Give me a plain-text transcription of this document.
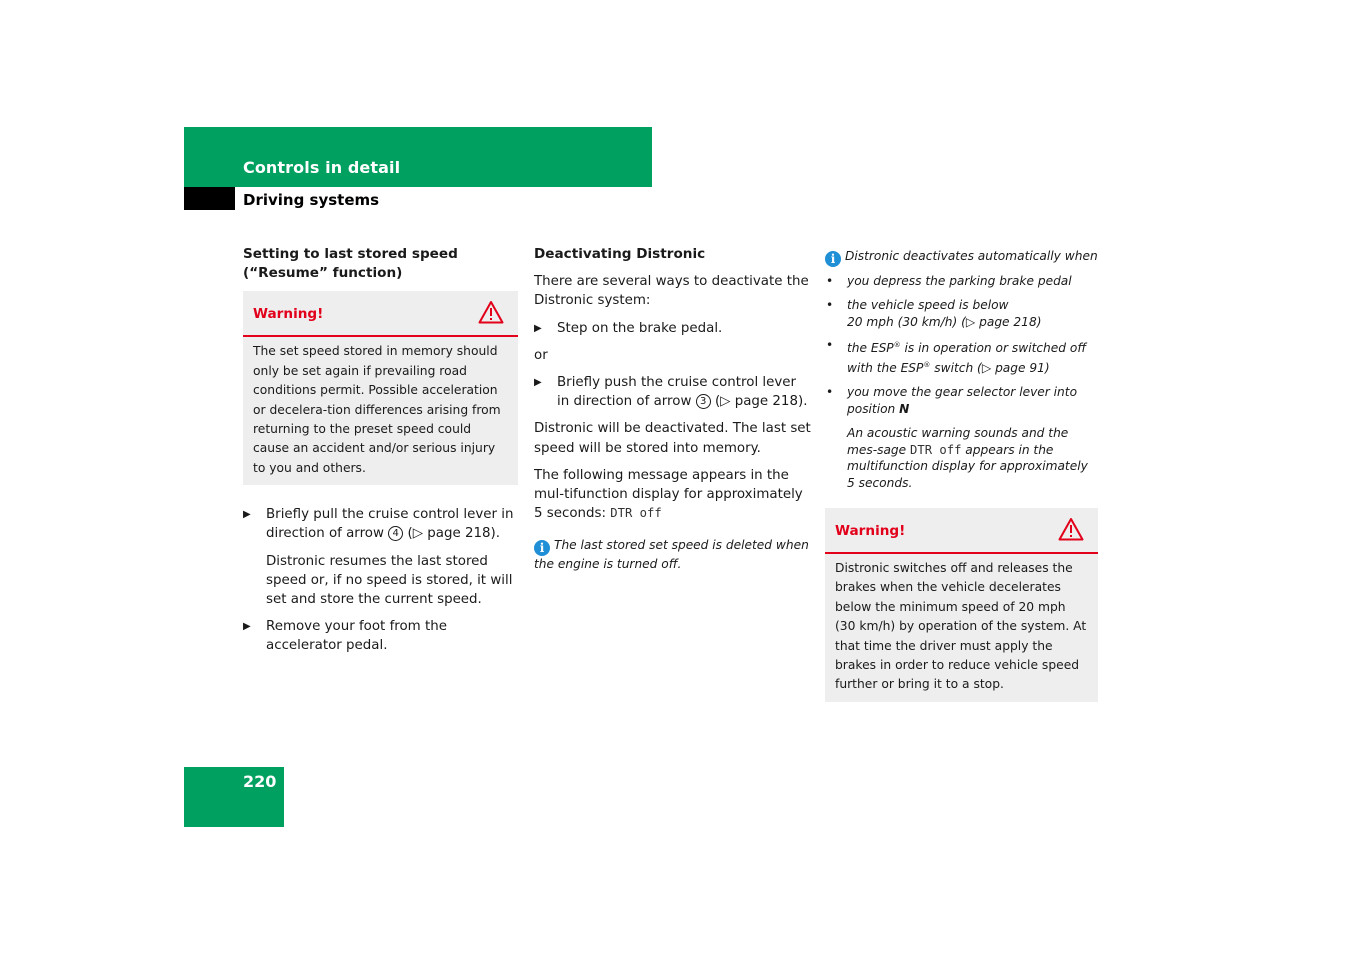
Controls in detail
Driving systems
Setting to last stored speed
(“Resume” function)
Warning!
The set speed stored in memory should only be set again if prevailing road conditions permit. Possible acceleration or decelera-tion differences arising from returning to the preset speed could cause an accident and/or serious injury to you and others.
▶ Briefly pull the cruise control lever in direction of arrow 4 (▷ page 218).
Distronic resumes the last stored speed or, if no speed is stored, it will set and store the current speed.
▶ Remove your foot from the accelerator pedal.
Deactivating Distronic

There are several ways to deactivate the Distronic system:

▶ Step on the brake pedal.

or

▶ Briefly push the cruise control lever in direction of arrow 3 (▷ page 218).

Distronic will be deactivated. The last set speed will be stored into memory.

The following message appears in the mul-tifunction display for approximately 5 seconds: DTR off

i The last stored set speed is deleted when the engine is turned off.
i Distronic deactivates automatically when
• you depress the parking brake pedal
• the vehicle speed is below
20 mph (30 km/h) (▷ page 218)
• the ESP® is in operation or switched off with the ESP® switch (▷ page 91)
• you move the gear selector lever into position N
An acoustic warning sounds and the mes-sage DTR off appears in the multifunction display for approximately 5 seconds.
Warning!
Distronic switches off and releases the brakes when the vehicle decelerates below the minimum speed of 20 mph (30 km/h) by operation of the system. At that time the driver must apply the brakes in order to reduce vehicle speed further or bring it to a stop.
220
